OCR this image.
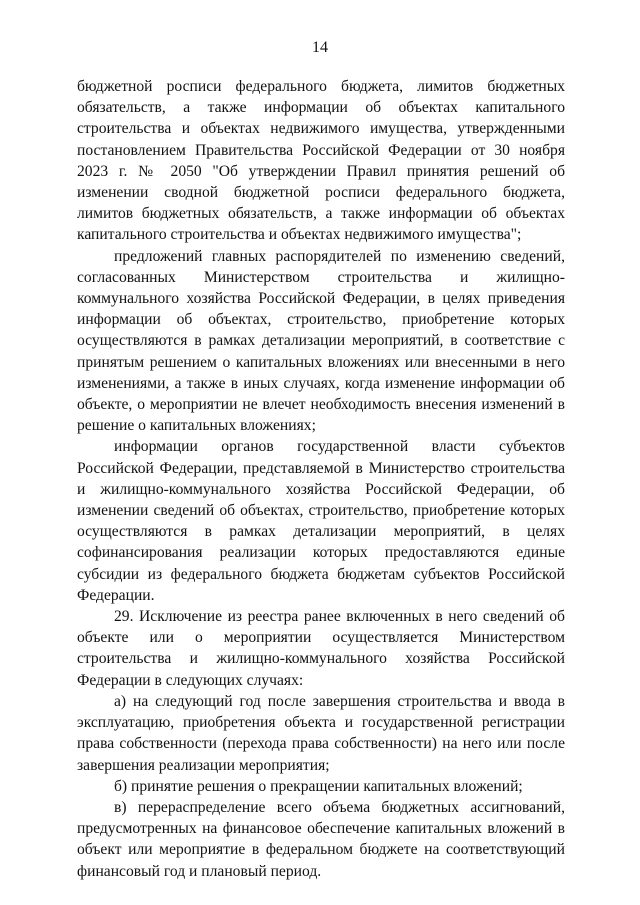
14

бюджетной росписи федерального бюджета, лимитов бюджетных обязательств, а также информации об объектах капитального строительства и объектах недвижимого имущества, утвержденными постановлением Правительства Российской Федерации от 30 ноября 2023 г. № 2050 "Об утверждении Правил принятия решений об изменении сводной бюджетной росписи федерального бюджета, лимитов бюджетных обязательств, а также информации об объектах капитального строительства и объектах недвижимого имущества";

предложений главных распорядителей по изменению сведений, согласованных Министерством строительства и жилищно-коммунального хозяйства Российской Федерации, в целях приведения информации об объектах, строительство, приобретение которых осуществляются в рамках детализации мероприятий, в соответствие с принятым решением о капитальных вложениях или внесенными в него изменениями, а также в иных случаях, когда изменение информации об объекте, о мероприятии не влечет необходимость внесения изменений в решение о капитальных вложениях;

информации органов государственной власти субъектов Российской Федерации, представляемой в Министерство строительства и жилищно-коммунального хозяйства Российской Федерации, об изменении сведений об объектах, строительство, приобретение которых осуществляются в рамках детализации мероприятий, в целях софинансирования реализации которых предоставляются единые субсидии из федерального бюджета бюджетам субъектов Российской Федерации.

29. Исключение из реестра ранее включенных в него сведений об объекте или о мероприятии осуществляется Министерством строительства и жилищно-коммунального хозяйства Российской Федерации в следующих случаях:

а) на следующий год после завершения строительства и ввода в эксплуатацию, приобретения объекта и государственной регистрации права собственности (перехода права собственности) на него или после завершения реализации мероприятия;

б) принятие решения о прекращении капитальных вложений;

в) перераспределение всего объема бюджетных ассигнований, предусмотренных на финансовое обеспечение капитальных вложений в объект или мероприятие в федеральном бюджете на соответствующий финансовый год и плановый период.
